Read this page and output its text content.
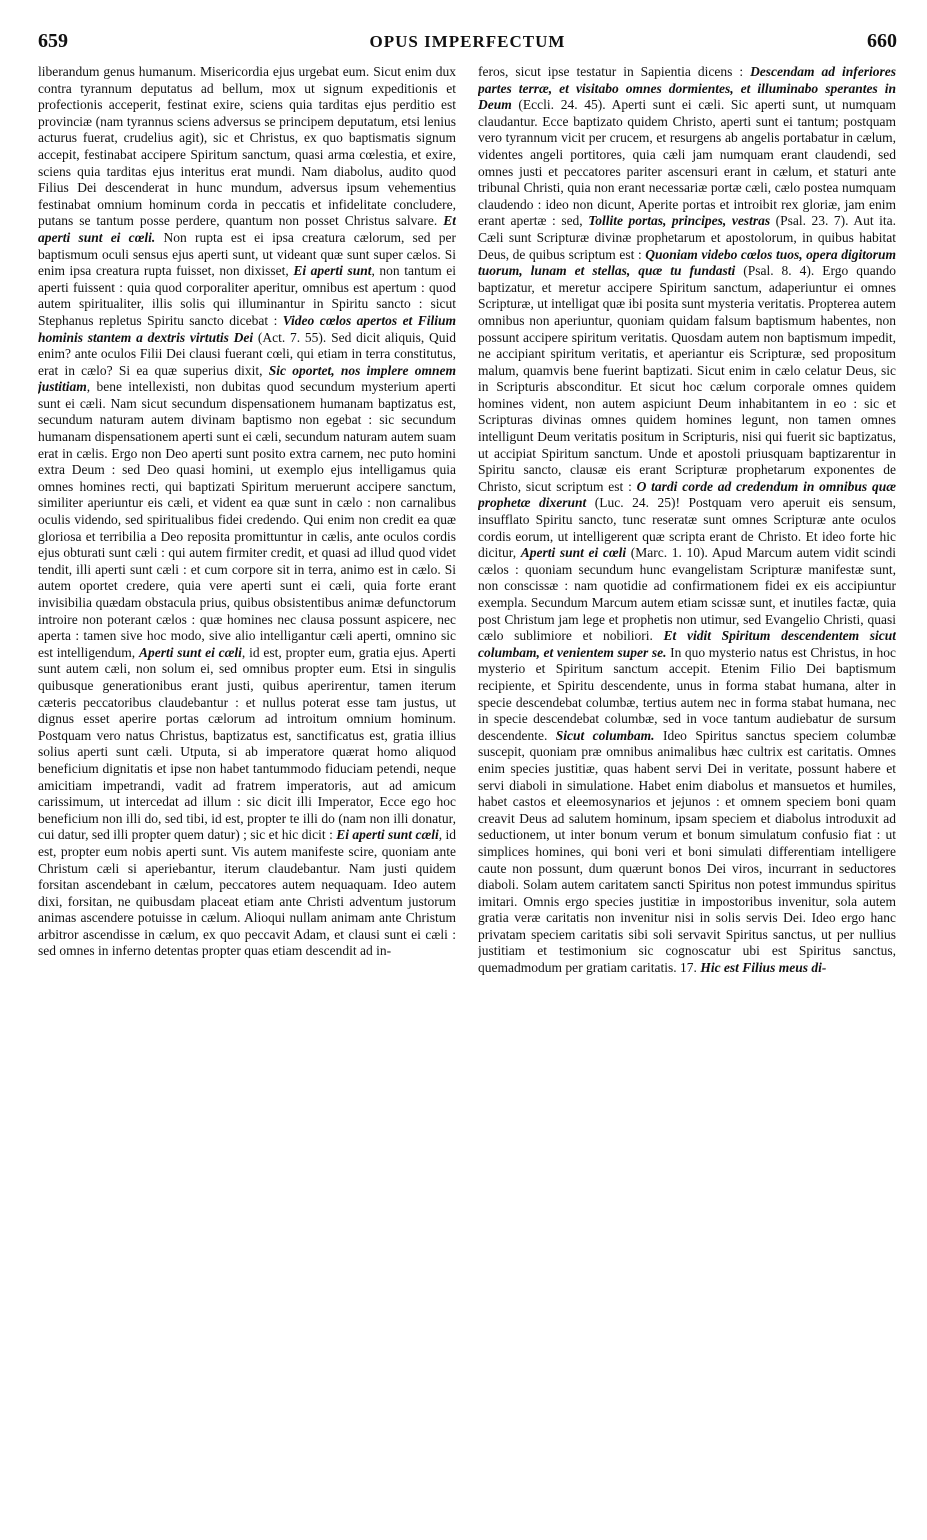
659	OPUS IMPERFECTUM	660

liberandum genus humanum. Misericordia ejus urgebat eum. Sicut enim dux contra tyrannum deputatus ad bellum, mox ut signum expeditionis et profectionis acceperit, festinat exire, sciens quia tarditas ejus perditio est provinciæ (nam tyrannus sciens adversus se principem deputatum, etsi lenius acturus fuerat, crudelius agit), sic et Christus, ex quo baptismatis signum accepit, festinabat accipere Spiritum sanctum, quasi arma cœlestia, et exire, sciens quia tarditas ejus interitus erat mundi. Nam diabolus, audito quod Filius Dei descenderat in hunc mundum, adversus ipsum vehementius festinabat omnium hominum corda in peccatis et infidelitate concludere, putans se tantum posse perdere, quantum non posset Christus salvare. Et aperti sunt ei cœli. Non rupta est ei ipsa creatura cælorum, sed per baptismum oculi sensus ejus aperti sunt, ut videant quæ sunt super cælos. Si enim ipsa creatura rupta fuisset, non dixisset, Ei aperti sunt, non tantum ei aperti fuissent : quia quod corporaliter aperitur, omnibus est apertum : quod autem spiritualiter, illis solis qui illuminantur in Spiritu sancto : sicut Stephanus repletus Spiritu sancto dicebat : Video cœlos apertos et Filium hominis stantem a dextris virtutis Dei (Act. 7. 55). Sed dicit aliquis, Quid enim? ante oculos Filii Dei clausi fuerant cœli, qui etiam in terra constitutus, erat in cælo? Si ea quæ superius dixit, Sic oportet, nos implere omnem justitiam, bene intellexisti, non dubitas quod secundum mysterium aperti sunt ei cæli. Nam sicut secundum dispensationem humanam baptizatus est, secundum naturam autem divinam baptismo non egebat : sic secundum humanam dispensationem aperti sunt ei cæli, secundum naturam autem suam erat in cælis. Ergo non Deo aperti sunt posito extra carnem, nec puto homini extra Deum : sed Deo quasi homini, ut exemplo ejus intelligamus quia omnes homines recti, qui baptizati Spiritum meruerunt accipere sanctum, similiter aperiuntur eis cæli, et vident ea quæ sunt in cælo : non carnalibus oculis videndo, sed spiritualibus fidei credendo. Qui enim non credit ea quæ gloriosa et terribilia a Deo reposita promittuntur in cælis, ante oculos cordis ejus obturati sunt cæli : qui autem firmiter credit, et quasi ad illud quod videt tendit, illi aperti sunt cæli : et cum corpore sit in terra, animo est in cælo. Si autem oportet credere, quia vere aperti sunt ei cæli, quia forte erant invisibilia quædam obstacula prius, quibus obsistentibus animæ defunctorum introire non poterant cælos : quæ homines nec clausa possunt aspicere, nec aperta : tamen sive hoc modo, sive alio intelligantur cæli aperti, omnino sic est intelligendum, Aperti sunt ei cæli, id est, propter eum, gratia ejus. Aperti sunt autem cæli, non solum ei, sed omnibus propter eum. Etsi in singulis quibusque generationibus erant justi, quibus aperirentur, tamen iterum cæteris peccatoribus claudebantur : et nullus poterat esse tam justus, ut dignus esset aperire portas cælorum ad introitum omnium hominum. Postquam vero natus Christus, baptizatus est, sanctificatus est, gratia illius solius aperti sunt cæli. Utputa, si ab imperatore quærat homo aliquod beneficium dignitatis et ipse non habet tantummodo fiduciam petendi, neque amicitiam impetrandi, vadit ad fratrem imperatoris, aut ad amicum carissimum, ut intercedat ad illum : sic dicit illi Imperator, Ecce ego hoc beneficium non illi do, sed tibi, id est, propter te illi do (nam non illi donatur, cui datur, sed illi propter quem datur) ; sic et hic dicit : Ei aperti sunt cæli, id est, propter eum nobis aperti sunt. Vis autem manifeste scire, quoniam ante Christum cæli si aperiebantur, iterum claudebantur. Nam justi quidem forsitan ascendebant in cælum, peccatores autem nequaquam. Ideo autem dixi, forsitan, ne quibusdam placeat etiam ante Christi adventum justorum animas ascendere potuisse in cælum. Alioqui nullam animam ante Christum arbitror ascendisse in cælum, ex quo peccavit Adam, et clausi sunt ei cæli : sed omnes in inferno detentas propter quas etiam descendit ad in-

feros, sicut ipse testatur in Sapientia dicens : Descendam ad inferiores partes terræ, et visitabo omnes dormientes, et illuminabo sperantes in Deum (Eccli. 24. 45). Aperti sunt ei cæli. Sic aperti sunt, ut numquam claudantur. Ecce baptizato quidem Christo, aperti sunt ei tantum; postquam vero tyrannum vicit per crucem, et resurgens ab angelis portabatur in cælum, videntes angeli portitores, quia cæli jam numquam erant claudendi, sed omnes justi et peccatores pariter ascensuri erant in cælum, et staturi ante tribunal Christi, quia non erant necessariæ portæ cæli, cælo postea numquam claudendo : ideo non dicunt, Aperite portas et introibit rex gloriæ, jam enim erant apertæ : sed, Tollite portas, principes, vestras (Psal. 23. 7). Aut ita. Cæli sunt Scripturæ divinæ prophetarum et apostolorum, in quibus habitat Deus, de quibus scriptum est : Quoniam videbo cœlos tuos, opera digitorum tuorum, lunam et stellas, quæ tu fundasti (Psal. 8. 4). Ergo quando baptizatur, et meretur accipere Spiritum sanctum, adaperiuntur ei omnes Scripturæ, ut intelligat quæ ibi posita sunt mysteria veritatis. Propterea autem omnibus non aperiuntur, quoniam quidam falsum baptismum habentes, non possunt accipere spiritum veritatis. Quosdam autem non baptismum impedit, ne accipiant spiritum veritatis, et aperiantur eis Scripturæ, sed propositum malum, quamvis bene fuerint baptizati. Sicut enim in cælo celatur Deus, sic in Scripturis absconditur. Et sicut hoc cælum corporale omnes quidem homines vident, non autem aspiciunt Deum inhabitantem in eo : sic et Scripturas divinas omnes quidem homines legunt, non tamen omnes intelligunt Deum veritatis positum in Scripturis, nisi qui fuerit sic baptizatus, ut accipiat Spiritum sanctum. Unde et apostoli priusquam baptizarentur in Spiritu sancto, clausæ eis erant Scripturæ prophetarum exponentes de Christo, sicut scriptum est : O tardi corde ad credendum in omnibus quæ prophetæ dixerunt (Luc. 24. 25)! Postquam vero aperuit eis sensum, insufflato Spiritu sancto, tunc reseratæ sunt omnes Scripturæ ante oculos cordis eorum, ut intelligerent quæ scripta erant de Christo. Et ideo forte hic dicitur, Aperti sunt ei cœli (Marc. 1. 10). Apud Marcum autem vidit scindi cælos : quoniam secundum hunc evangelistam Scripturæ manifestæ sunt, non conscissæ : nam quotidie ad confirmationem fidei ex eis accipiuntur exempla. Secundum Marcum autem etiam scissæ sunt, et inutiles factæ, quia post Christum jam lege et prophetis non utimur, sed Evangelio Christi, quasi cælo sublimiore et nobiliori. Et vidit Spiritum descendentem sicut columbam, et venientem super se. In quo mysterio natus est Christus, in hoc mysterio et Spiritum sanctum accepit. Etenim Filio Dei baptismum recipiente, et Spiritu descendente, unus in forma stabat humana, alter in specie descendebat columbæ, tertius autem nec in forma stabat humana, nec in specie descendebat columbæ, sed in voce tantum audiebatur de sursum descendente. Sicut columbam. Ideo Spiritus sanctus speciem columbæ suscepit, quoniam præ omnibus animalibus hæc cultrix est caritatis. Omnes enim species justitiæ, quas habent servi Dei in veritate, possunt habere et servi diaboli in simulatione. Habet enim diabolus et mansuetos et humiles, habet castos et eleemosynarios et jejunos : et omnem speciem boni quam creavit Deus ad salutem hominum, ipsam speciem et diabolus introduxit ad seductionem, ut inter bonum verum et bonum simulatum confusio fiat : ut simplices homines, qui boni veri et boni simulati differentiam intelligere caute non possunt, dum quærunt bonos Dei viros, incurrant in seductores diaboli. Solam autem caritatem sancti Spiritus non potest immundus spiritus imitari. Omnis ergo species justitiæ in impostoribus invenitur, sola autem gratia veræ caritatis non invenitur nisi in solis servis Dei. Ideo ergo hanc privatam speciem caritatis sibi soli servavit Spiritus sanctus, ut per nullius justitiam et testimonium sic cognoscatur ubi est Spiritus sanctus, quemadmodum per gratiam caritatis. 17. Hic est Filius meus di-
